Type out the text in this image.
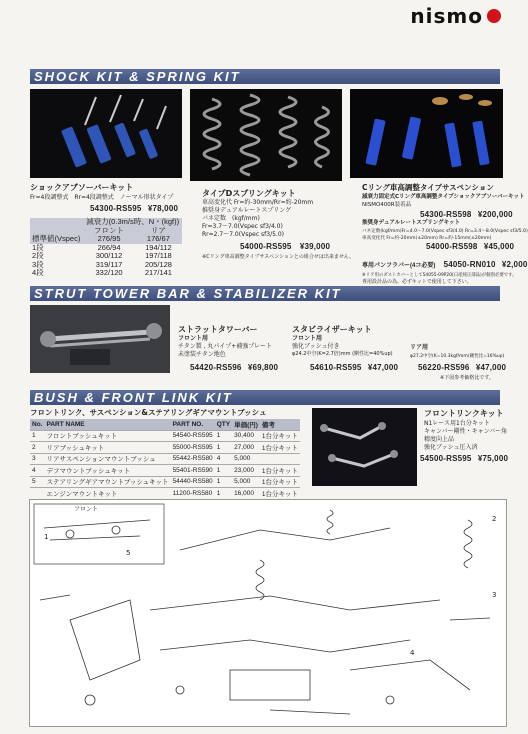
nismo
SHOCK KIT & SPRING KIT
ショックアブソーバーキット
Fr=4段調整式　Rr=4段調整式　ノーマル形状タイプ
54300-RS595 ¥78,000
	減衰力(0.3m/s時、N・(kgf))	
	フロント	リア
標準値(Vspec)	276/95	176/67
1段	266/94	194/112
2段	300/112	197/118
3段	319/117	205/128
4段	332/120	217/141
タイプDスプリングキット
車高変化代 Fr=約-30mm/Rr=約-20mm
推奨身デュアルレートスプリング
バネ定数　(kgf/mm)
Fr=3.7〜7.0(Vspec sf3/4.0)
Rr=2.7〜7.0(Vspec sf3/5.0)
54000-RS595 ¥39,000
※Cリング車高調整タイプサスペンションとの組合せは出来ません。
Cリング車高調整タイプサスペンション
減衰力固定式Cリング車高調整タイプショックアブソーバーキット
NISMO400R装着品
54300-RS598 ¥200,000
推奨身デュアルレートスプリングキット
バネ定数(kgf/mm)Fr=4.0〜7.0(Vspec sf3/4.0) Rr=3.4〜8.0(Vspec sf3/5.0)
車高変化代 Fr=約-20mm(±20mm) Rr=約-15mm(±20mm)
54000-RS598 ¥45,000
専用パンフラバー(4コ必要) 54050-RN010 ¥2,000
※リア用のダストカバーとして54055-09P20(日産純正部品)が個別必要です。
専用設計品の為、必ずキットで使用して下さい。
STRUT TOWER BAR & STABILIZER KIT
ストラットタワーバー
フロント用
チタン製 , 丸パイプ+補強プレート
未塗装チタン地色
54420-RS596 ¥69,800
スタビライザーキット
フロント用
強化ブッシュ付き
φ24.2中空(K=2.7倍)mm (剛性比=40%up)
54610-RS595 ¥47,000
リア用
φ27.2中空(K=10.3kgf/mm(剛性比=16%up)
56220-RS596 ¥47,000
※下図参考価格比です。
BUSH & FRONT LINK KIT
フロントリンク、サスペンション&ステアリングギアマウントブッシュ
No.	PART NAME	PART NO.	QTY	単価(円)	備考
1	フロントブッシュキット	54540-RS595	1	30,400	1台分キット
2	リアブッシュキット	55000-RS595	1	27,000	1台分キット
3	リアサスペンションマウントブッシュ	55442-RS580	4	5,000	
4	デフマウントブッシュキット	55401-RS590	1	23,000	1台分キット
5	ステアリングギアマウントブッシュキット	54440-RS580	1	5,000	1台分キット
	エンジンマウントキット	11200-RS580	1	16,000	1台分キット
フロントリンクキット
N1レース用1台分キット
キャンバー剛性・キャンバー角
精度向上品
強化ブッシュ圧入済
54500-RS595 ¥75,000
フロント
1
2
3
4
5
